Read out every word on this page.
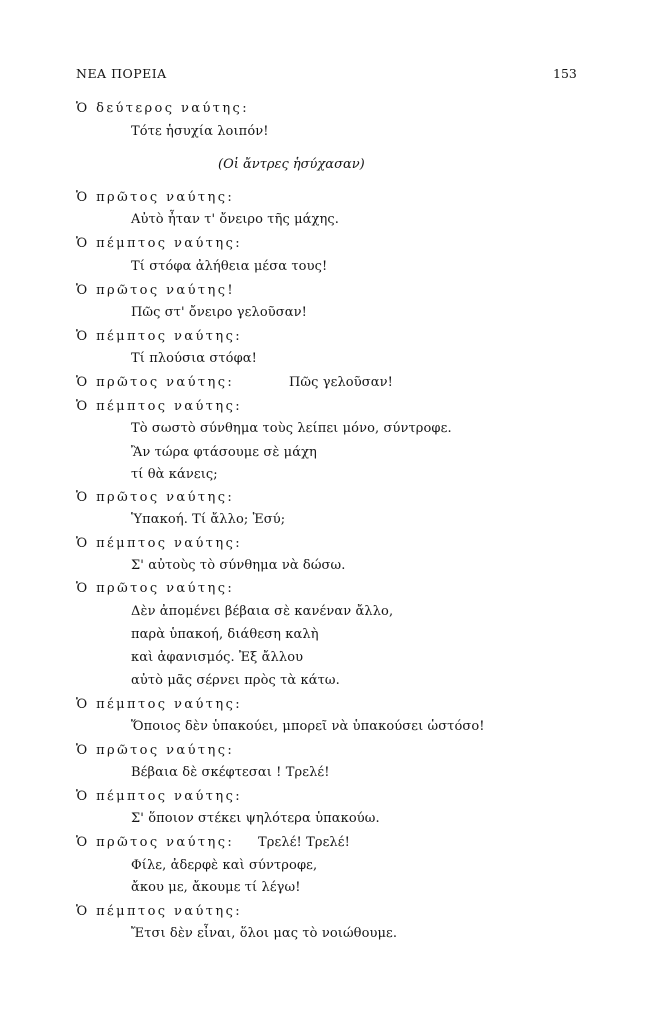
ΝΕΑ ΠΟΡΕΙΑ	153
Ὁ δεύτερος ναύτης:
Τότε ἡσυχία λοιπόν!
(Οἱ ἄντρες ἡσύχασαν)
Ὁ πρῶτος ναύτης:
Αὐτὸ ἦταν τ' ὄνειρο τῆς μάχης.
Ὁ πέμπτος ναύτης:
Τί στόφα ἀλήθεια μέσα τους!
Ὁ πρῶτος ναύτης!
Πῶς στ' ὄνειρο γελοῦσαν!
Ὁ πέμπτος ναύτης:
Τί πλούσια στόφα!
Ὁ πρῶτος ναύτης:	Πῶς γελοῦσαν!
Ὁ πέμπτος ναύτης:
Τὸ σωστὸ σύνθημα τοὺς λείπει μόνο, σύντροφε.
Ἂν τώρα φτάσουμε σὲ μάχη
τί θὰ κάνεις;
Ὁ πρῶτος ναύτης:
Ὑπακοή. Τί ἄλλο; Ἐσύ;
Ὁ πέμπτος ναύτης:
Σ' αὐτοὺς τὸ σύνθημα νὰ δώσω.
Ὁ πρῶτος ναύτης:
Δὲν ἀπομένει βέβαια σὲ κανέναν ἄλλο,
παρὰ ὑπακοή, διάθεση καλὴ
καὶ ἀφανισμός. Ἐξ ἄλλου
αὐτὸ μᾶς σέρνει πρὸς τὰ κάτω.
Ὁ πέμπτος ναύτης:
Ὅποιος δὲν ὑπακούει, μπορεῖ νὰ ὑπακούσει ὡστόσο!
Ὁ πρῶτος ναύτης:
Βέβαια δὲ σκέφτεσαι ! Τρελέ!
Ὁ πέμπτος ναύτης:
Σ' ὅποιον στέκει ψηλότερα ὑπακούω.
Ὁ πρῶτος ναύτης: Τρελέ! Τρελέ!
Φίλε, ἀδερφὲ καὶ σύντροφε,
ἄκου με, ἄκουμε τί λέγω!
Ὁ πέμπτος ναύτης:
Ἔτσι δὲν εἶναι, ὅλοι μας τὸ νοιώθουμε.
